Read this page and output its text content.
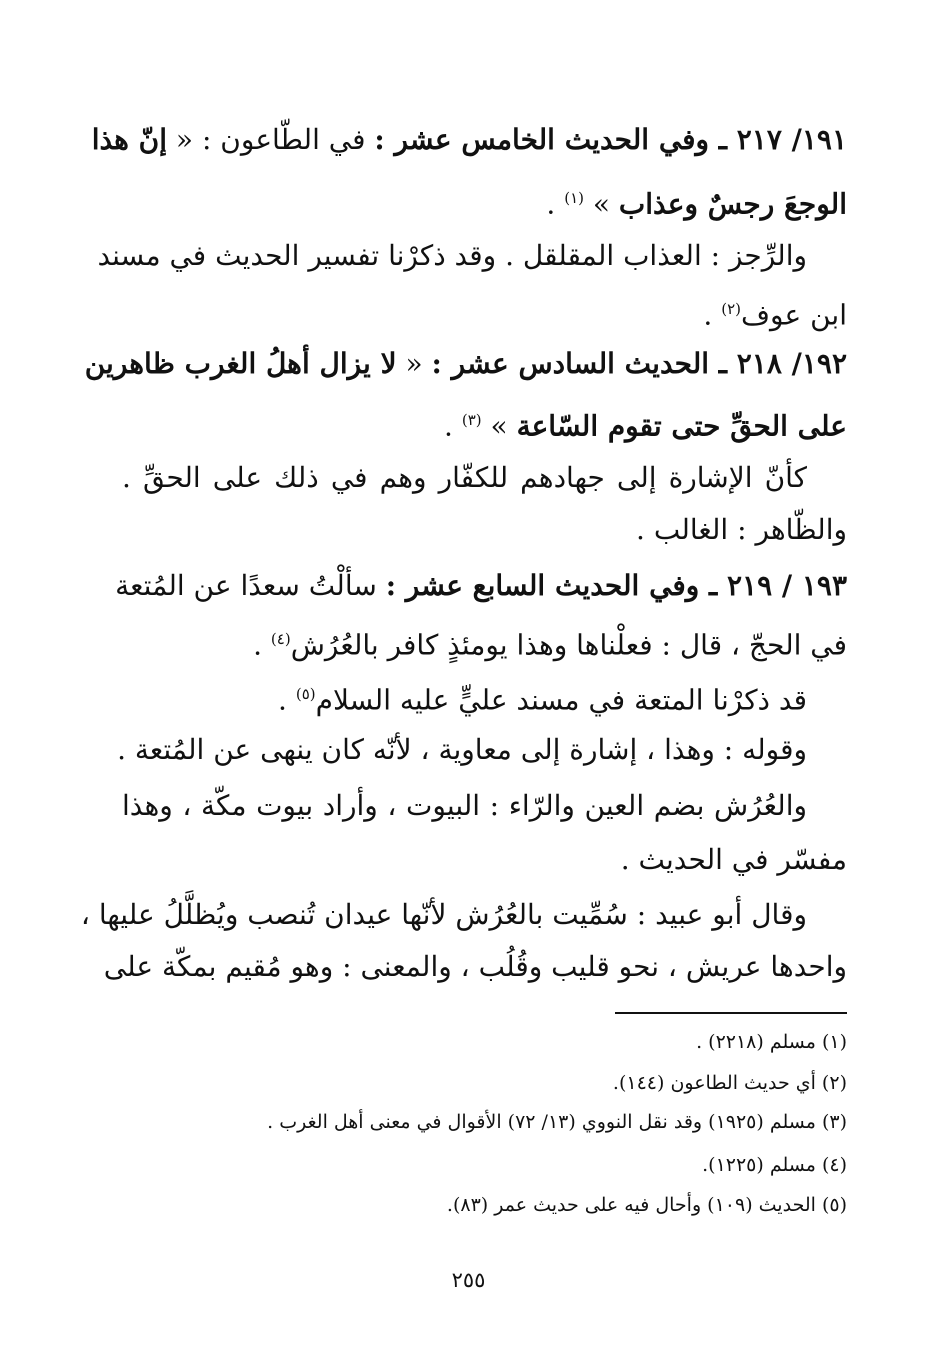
١٩١/ ٢١٧ ـ وفي الحديث الخامس عشر : في الطّاعون : « إنّ هذا
الوجعَ رجسٌ وعذاب » $^{(١)}$ .
والرِّجز : العذاب المقلقل . وقد ذكرْنا تفسير الحديث في مسند
ابن عوف$^{(٢)}$ .
١٩٢/ ٢١٨ ـ الحديث السادس عشر : « لا يزال أهلُ الغرب ظاهرين
على الحقِّ حتى تقوم السّاعة » $^{(٣)}$ .
كأنّ الإشارة إلى جهادهم للكفّار وهم في ذلك على الحقِّ .
والظّاهر : الغالب .
١٩٣ / ٢١٩ ـ وفي الحديث السابع عشر : سألْتُ سعدًا عن المُتعة
في الحجّ ، قال : فعلْناها وهذا يومئذٍ كافر بالعُرُش$^{(٤)}$ .
قد ذكرْنا المتعة في مسند عليٍّ عليه السلام$^{(٥)}$ .
وقوله : وهذا ، إشارة إلى معاوية ، لأنّه كان ينهى عن المُتعة .
والعُرُش بضم العين والرّاء : البيوت ، وأراد بيوت مكّة ، وهذا
مفسّر في الحديث .
وقال أبو عبيد : سُمِّيت بالعُرُش لأنّها عيدان تُنصب ويُظلَّلُ عليها ،
واحدها عريش ، نحو قليب وقُلُب ، والمعنى : وهو مُقيم بمكّة على
(١) مسلم (٢٢١٨) .
(٢) أي حديث الطاعون (١٤٤).
(٣) مسلم (١٩٢٥) وقد نقل النووي (١٣/ ٧٢) الأقوال في معنى أهل الغرب .
(٤) مسلم (١٢٢٥).
(٥) الحديث (١٠٩) وأحال فيه على حديث عمر (٨٣).
٢٥٥
